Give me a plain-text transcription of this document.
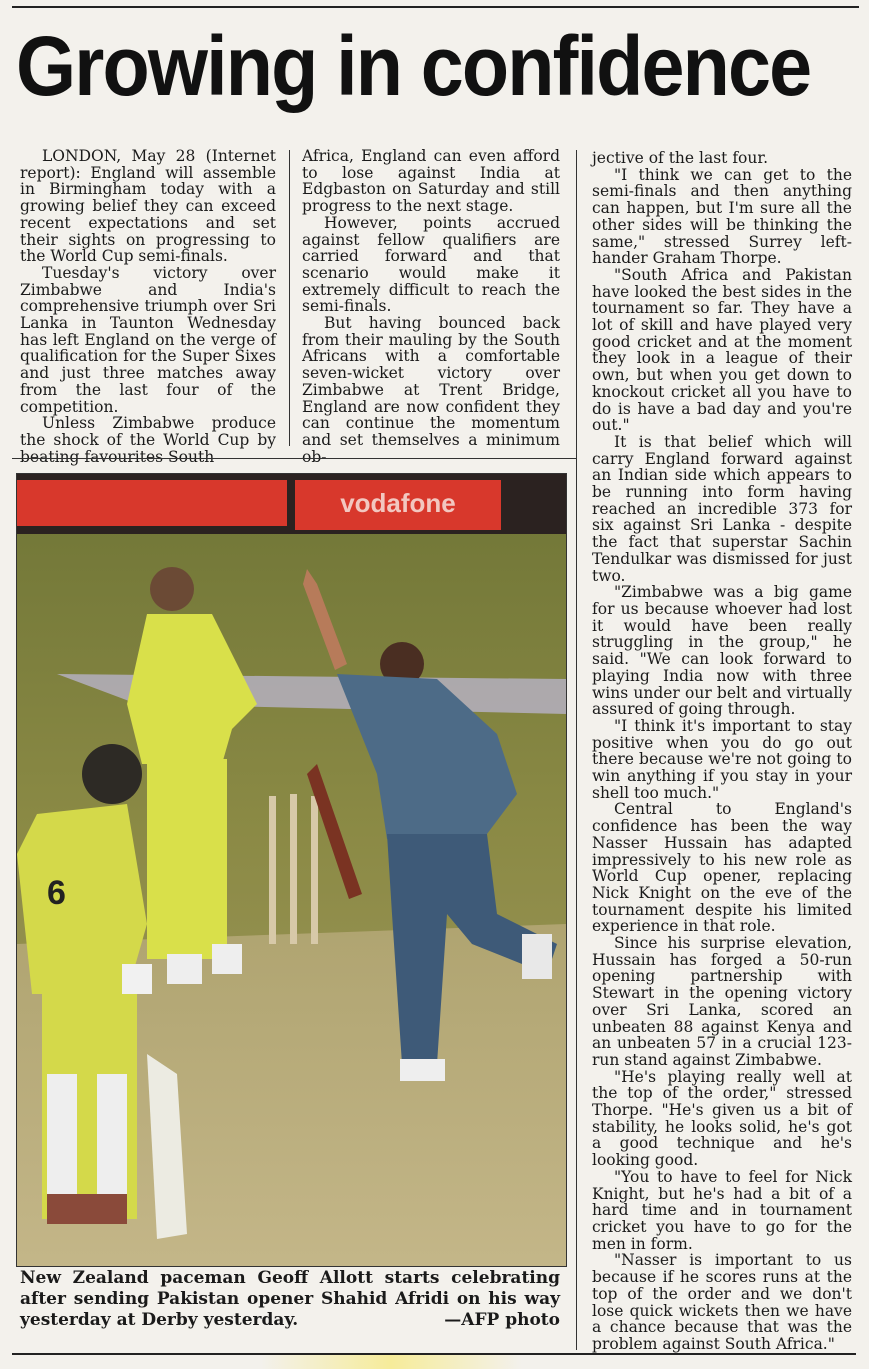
Growing in confidence

LONDON, May 28 (Internet report): England will assemble in Birmingham today with a growing belief they can exceed recent expectations and set their sights on progressing to the World Cup semi-finals.

Tuesday's victory over Zimbabwe and India's comprehensive triumph over Sri Lanka in Taunton Wednesday has left England on the verge of qualification for the Super Sixes and just three matches away from the last four of the competition.

Unless Zimbabwe produce the shock of the World Cup by beating favourites South

Africa, England can even afford to lose against India at Edgbaston on Saturday and still progress to the next stage.

However, points accrued against fellow qualifiers are carried forward and that scenario would make it extremely difficult to reach the semi-finals.

But having bounced back from their mauling by the South Africans with a comfortable seven-wicket victory over Zimbabwe at Trent Bridge, England are now confident they can continue the momentum and set themselves a minimum ob-

jective of the last four.

"I think we can get to the semi-finals and then anything can happen, but I'm sure all the other sides will be thinking the same," stressed Surrey left-hander Graham Thorpe.

"South Africa and Pakistan have looked the best sides in the tournament so far. They have a lot of skill and have played very good cricket and at the moment they look in a league of their own, but when you get down to knockout cricket all you have to do is have a bad day and you're out."

It is that belief which will carry England forward against an Indian side which appears to be running into form having reached an incredible 373 for six against Sri Lanka - despite the fact that superstar Sachin Tendulkar was dismissed for just two.

"Zimbabwe was a big game for us because whoever had lost it would have been really struggling in the group," he said. "We can look forward to playing India now with three wins under our belt and virtually assured of going through.

"I think it's important to stay positive when you do go out there because we're not going to win anything if you stay in your shell too much."

Central to England's confidence has been the way Nasser Hussain has adapted impressively to his new role as World Cup opener, replacing Nick Knight on the eve of the tournament despite his limited experience in that role.

Since his surprise elevation, Hussain has forged a 50-run opening partnership with Stewart in the opening victory over Sri Lanka, scored an unbeaten 88 against Kenya and an unbeaten 57 in a crucial 123-run stand against Zimbabwe.

"He's playing really well at the top of the order," stressed Thorpe. "He's given us a bit of stability, he looks solid, he's got a good technique and he's looking good.

"You to have to feel for Nick Knight, but he's had a bit of a hard time and in tournament cricket you have to go for the men in form.

"Nasser is important to us because if he scores runs at the top of the order and we don't lose quick wickets then we have a chance because that was the problem against South Africa."

vodafone
6
New Zealand paceman Geoff Allott starts celebrating after sending Pakistan opener Shahid Afridi on his way yesterday at Derby yesterday.	—AFP photo
